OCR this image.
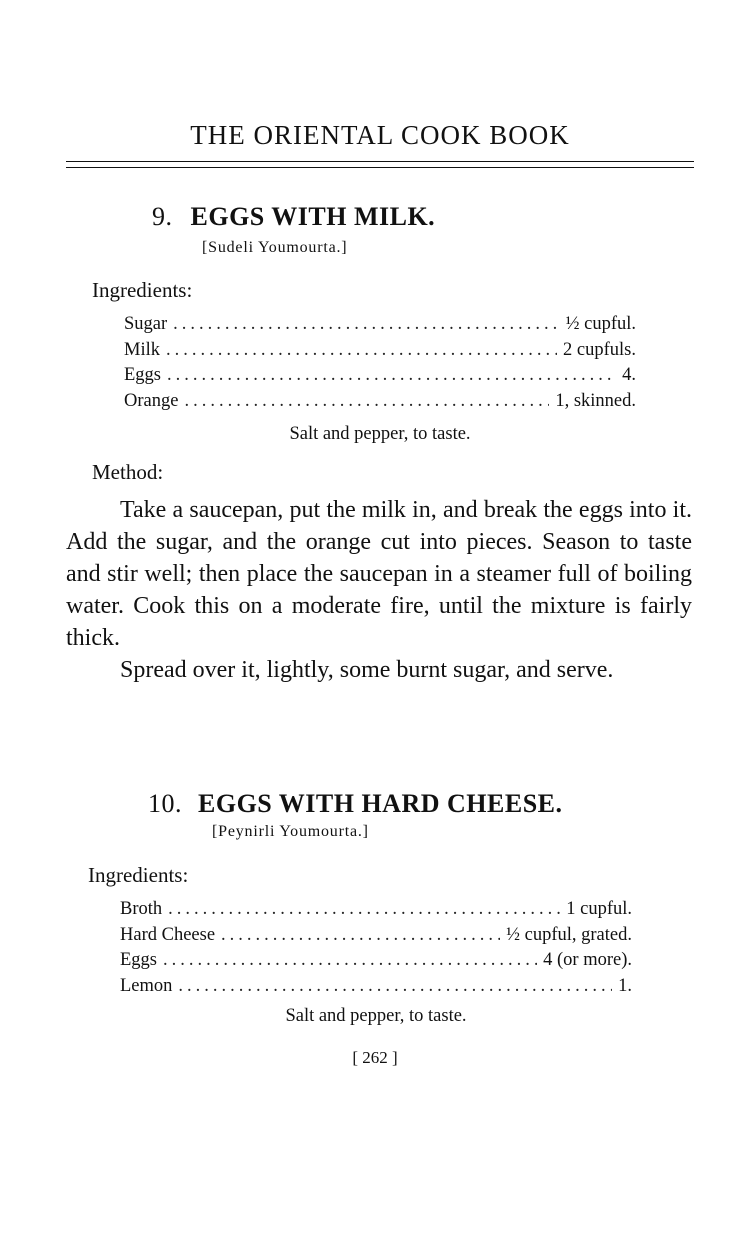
THE ORIENTAL COOK BOOK
9. EGGS WITH MILK.
[Sudeli Youmourta.]
Ingredients:
Sugar .....	½ cupful.
Milk .....	2 cupfuls.
Eggs .....	4.
Orange .....	1, skinned.
Salt and pepper, to taste.
Method:

Take a saucepan, put the milk in, and break the eggs into it. Add the sugar, and the orange cut into pieces. Season to taste and stir well; then place the saucepan in a steamer full of boiling water. Cook this on a moderate fire, until the mixture is fairly thick.

Spread over it, lightly, some burnt sugar, and serve.

10. EGGS WITH HARD CHEESE.
[Peynirli Youmourta.]
Ingredients:
Broth .....	1 cupful.
Hard Cheese .....	½ cupful, grated.
Eggs .....	4 (or more).
Lemon .....	1.
Salt and pepper, to taste.
[ 262 ]
